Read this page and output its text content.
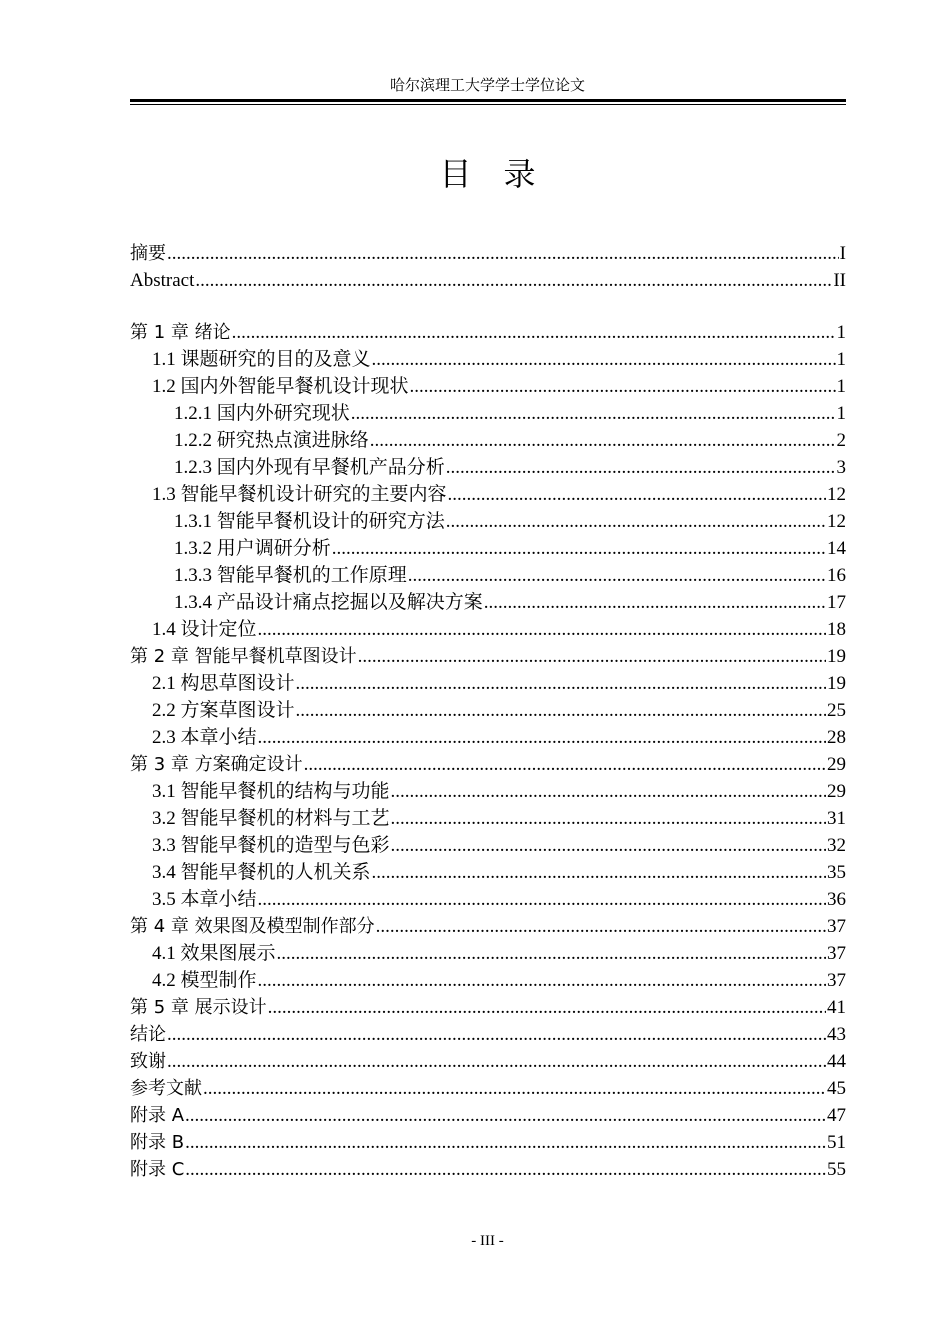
哈尔滨理工大学学士学位论文
目录
摘要 .....	I
Abstract .....	II
第 1 章 绪论 .....	1
1.1 课题研究的目的及意义 .....	1
1.2 国内外智能早餐机设计现状 .....	1
1.2.1 国内外研究现状 .....	1
1.2.2 研究热点演进脉络 .....	2
1.2.3 国内外现有早餐机产品分析 .....	3
1.3 智能早餐机设计研究的主要内容 .....	12
1.3.1 智能早餐机设计的研究方法 .....	12
1.3.2 用户调研分析 .....	14
1.3.3 智能早餐机的工作原理 .....	16
1.3.4 产品设计痛点挖掘以及解决方案 .....	17
1.4 设计定位 .....	18
第 2 章 智能早餐机草图设计 .....	19
2.1 构思草图设计 .....	19
2.2 方案草图设计 .....	25
2.3 本章小结 .....	28
第 3 章 方案确定设计 .....	29
3.1 智能早餐机的结构与功能 .....	29
3.2 智能早餐机的材料与工艺 .....	31
3.3 智能早餐机的造型与色彩 .....	32
3.4 智能早餐机的人机关系 .....	35
3.5 本章小结 .....	36
第 4 章 效果图及模型制作部分 .....	37
4.1 效果图展示 .....	37
4.2 模型制作 .....	37
第 5 章 展示设计 .....	41
结论 .....	43
致谢 .....	44
参考文献 .....	45
附录 A .....	47
附录 B .....	51
附录 C .....	55
- III -
